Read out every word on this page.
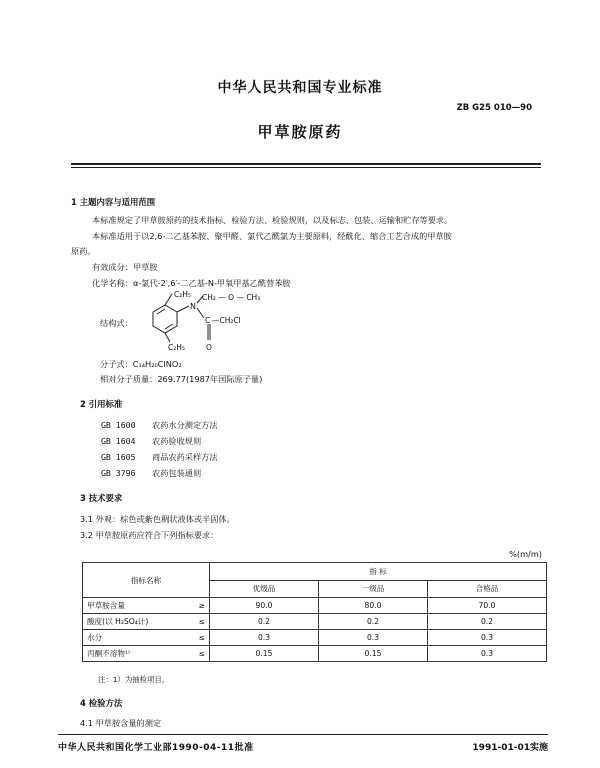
中华人民共和国专业标准
ZB G25 010—90
甲草胺原药
1 主题内容与适用范围
本标准规定了甲草胺原药的技术指标、检验方法、检验规则，以及标志、包装、运输和贮存等要求。
本标准适用于以2,6-二乙基苯胺、聚甲醛、氯代乙酰氯为主要原料，经酰化、缩合工艺合成的甲草胺
原药。
有效成分：甲草胺
化学名称：α-氯代-2′,6′-二乙基-N-甲氧甲基乙酰替苯胺
结构式：
C₂H₅
C₂H₅
N
CH₂ — O — CH₃
C —CH₂Cl
O
分子式：C₁₄H₂₀ClNO₂
相对分子质量：269.77(1987年国际原子量)
2 引用标准
GB 1600 农药水分测定方法
GB 1604 农药验收规则
GB 1605 商品农药采样方法
GB 3796 农药包装通则
3 技术要求
3.1 外观：棕色或紫色稠状液体或半固体。
3.2 甲草胺原药应符合下列指标要求：
%(m/m)
指标名称		指 标		
		优级品	一级品	合格品
甲草胺含量	≥	90.0	80.0	70.0
酸度(以 H₂SO₄计)	≤	0.2	0.2	0.2
水分	≤	0.3	0.3	0.3
丙酮不溶物¹⁾	≤	0.15	0.15	0.3
注：1）为抽检项目。
4 检验方法
4.1 甲草胺含量的测定
中华人民共和国化学工业部1990-04-11批准	1991-01-01实施
